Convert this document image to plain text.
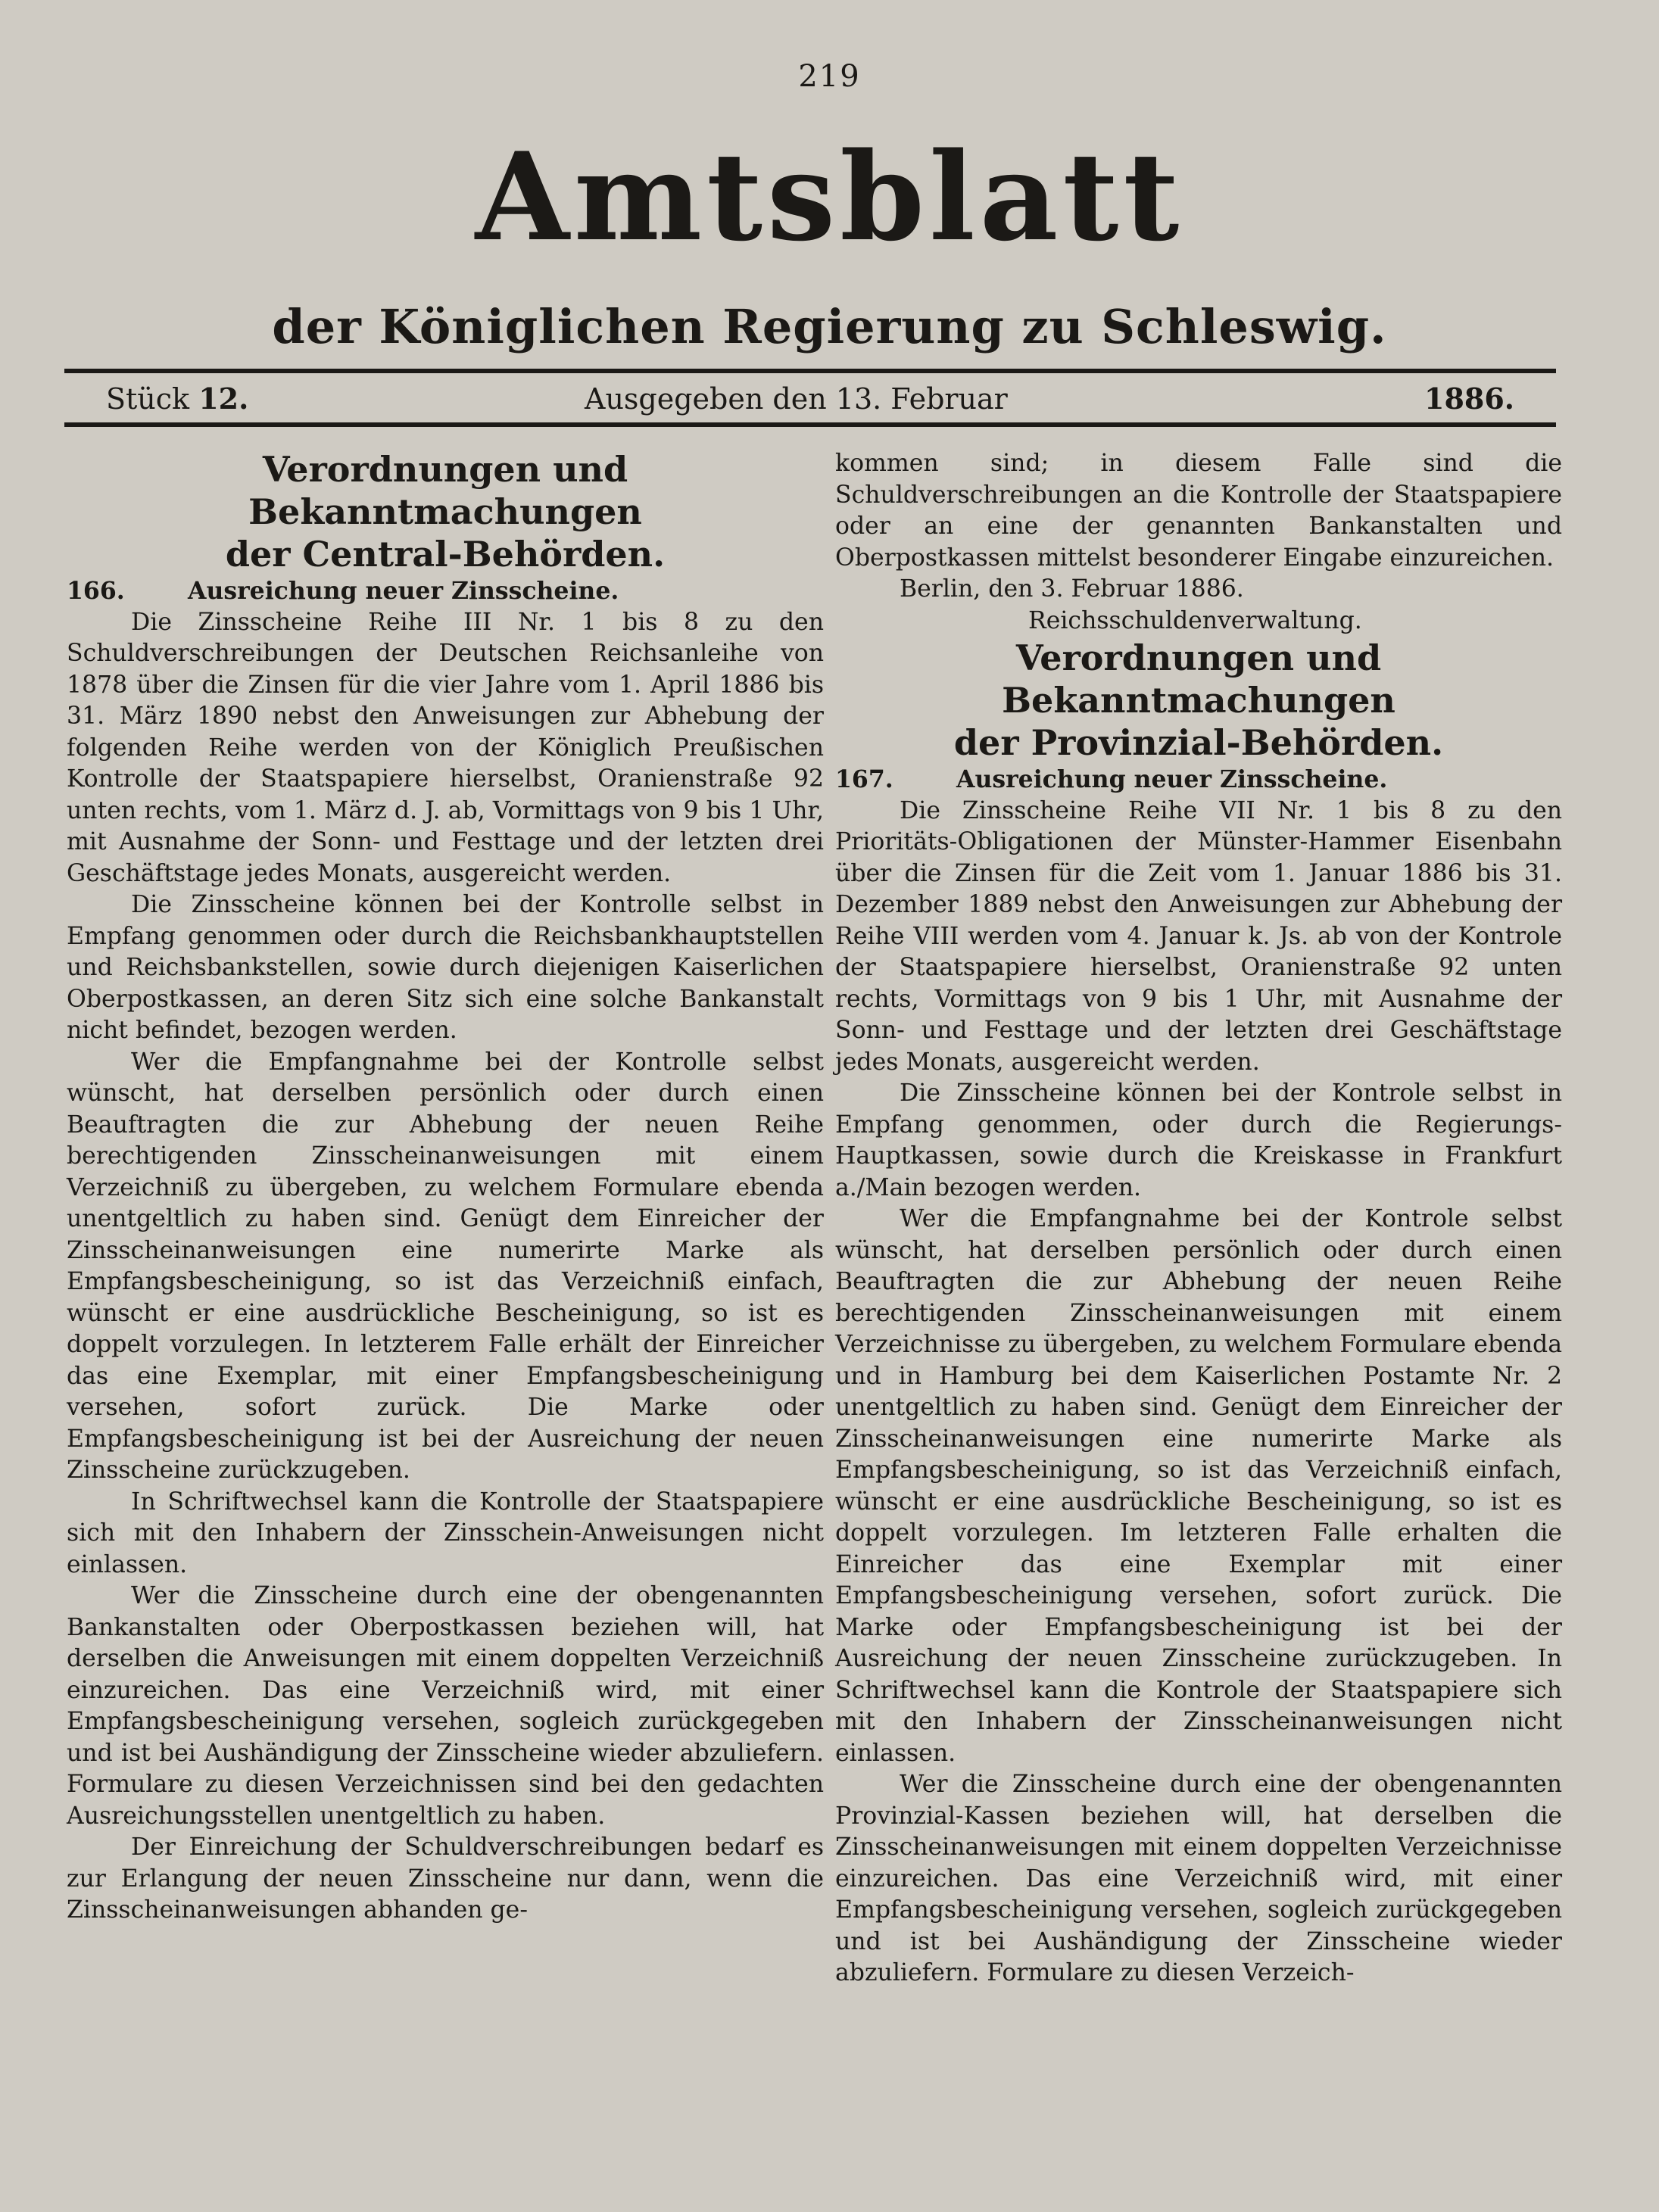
219
Amtsblatt
der Königlichen Regierung zu Schleswig.
Stück 12.	Ausgegeben den 13. Februar	1886.

Verordnungen und Bekanntmachungen

der Central-Behörden.

166.	Ausreichung neuer Zinsscheine.

Die Zinsscheine Reihe III Nr. 1 bis 8 zu den Schuldverschreibungen der Deutschen Reichsanleihe von 1878 über die Zinsen für die vier Jahre vom 1. April 1886 bis 31. März 1890 nebst den Anweisungen zur Abhebung der folgenden Reihe werden von der Königlich Preußischen Kontrolle der Staatspapiere hierselbst, Oranienstraße 92 unten rechts, vom 1. März d. J. ab, Vormittags von 9 bis 1 Uhr, mit Ausnahme der Sonn- und Festtage und der letzten drei Geschäftstage jedes Monats, ausgereicht werden.

Die Zinsscheine können bei der Kontrolle selbst in Empfang genommen oder durch die Reichsbankhauptstellen und Reichsbankstellen, sowie durch diejenigen Kaiserlichen Oberpostkassen, an deren Sitz sich eine solche Bankanstalt nicht befindet, bezogen werden.

Wer die Empfangnahme bei der Kontrolle selbst wünscht, hat derselben persönlich oder durch einen Beauftragten die zur Abhebung der neuen Reihe berechtigenden Zinsscheinanweisungen mit einem Verzeichniß zu übergeben, zu welchem Formulare ebenda unentgeltlich zu haben sind. Genügt dem Einreicher der Zinsscheinanweisungen eine numerirte Marke als Empfangsbescheinigung, so ist das Verzeichniß einfach, wünscht er eine ausdrückliche Bescheinigung, so ist es doppelt vorzulegen. In letzterem Falle erhält der Einreicher das eine Exemplar, mit einer Empfangsbescheinigung versehen, sofort zurück. Die Marke oder Empfangsbescheinigung ist bei der Ausreichung der neuen Zinsscheine zurückzugeben.

In Schriftwechsel kann die Kontrolle der Staatspapiere sich mit den Inhabern der Zinsschein-Anweisungen nicht einlassen.

Wer die Zinsscheine durch eine der obengenannten Bankanstalten oder Oberpostkassen beziehen will, hat derselben die Anweisungen mit einem doppelten Verzeichniß einzureichen. Das eine Verzeichniß wird, mit einer Empfangsbescheinigung versehen, sogleich zurückgegeben und ist bei Aushändigung der Zinsscheine wieder abzuliefern. Formulare zu diesen Verzeichnissen sind bei den gedachten Ausreichungsstellen unentgeltlich zu haben.

Der Einreichung der Schuldverschreibungen bedarf es zur Erlangung der neuen Zinsscheine nur dann, wenn die Zinsscheinanweisungen abhanden ge-

kommen sind; in diesem Falle sind die Schuldverschreibungen an die Kontrolle der Staatspapiere oder an eine der genannten Bankanstalten und Oberpostkassen mittelst besonderer Eingabe einzureichen.

Berlin, den 3. Februar 1886.

Reichsschuldenverwaltung.

Verordnungen und Bekanntmachungen

der Provinzial-Behörden.

167.	Ausreichung neuer Zinsscheine.

Die Zinsscheine Reihe VII Nr. 1 bis 8 zu den Prioritäts-Obligationen der Münster-Hammer Eisenbahn über die Zinsen für die Zeit vom 1. Januar 1886 bis 31. Dezember 1889 nebst den Anweisungen zur Abhebung der Reihe VIII werden vom 4. Januar k. Js. ab von der Kontrole der Staatspapiere hierselbst, Oranienstraße 92 unten rechts, Vormittags von 9 bis 1 Uhr, mit Ausnahme der Sonn- und Festtage und der letzten drei Geschäftstage jedes Monats, ausgereicht werden.

Die Zinsscheine können bei der Kontrole selbst in Empfang genommen, oder durch die Regierungs-Hauptkassen, sowie durch die Kreiskasse in Frankfurt a./Main bezogen werden.

Wer die Empfangnahme bei der Kontrole selbst wünscht, hat derselben persönlich oder durch einen Beauftragten die zur Abhebung der neuen Reihe berechtigenden Zinsscheinanweisungen mit einem Verzeichnisse zu übergeben, zu welchem Formulare ebenda und in Hamburg bei dem Kaiserlichen Postamte Nr. 2 unentgeltlich zu haben sind. Genügt dem Einreicher der Zinsscheinanweisungen eine numerirte Marke als Empfangsbescheinigung, so ist das Verzeichniß einfach, wünscht er eine ausdrückliche Bescheinigung, so ist es doppelt vorzulegen. Im letzteren Falle erhalten die Einreicher das eine Exemplar mit einer Empfangsbescheinigung versehen, sofort zurück. Die Marke oder Empfangsbescheinigung ist bei der Ausreichung der neuen Zinsscheine zurückzugeben. In Schriftwechsel kann die Kontrole der Staatspapiere sich mit den Inhabern der Zinsscheinanweisungen nicht einlassen.

Wer die Zinsscheine durch eine der obengenannten Provinzial-Kassen beziehen will, hat derselben die Zinsscheinanweisungen mit einem doppelten Verzeichnisse einzureichen. Das eine Verzeichniß wird, mit einer Empfangsbescheinigung versehen, sogleich zurückgegeben und ist bei Aushändigung der Zinsscheine wieder abzuliefern. Formulare zu diesen Verzeich-
